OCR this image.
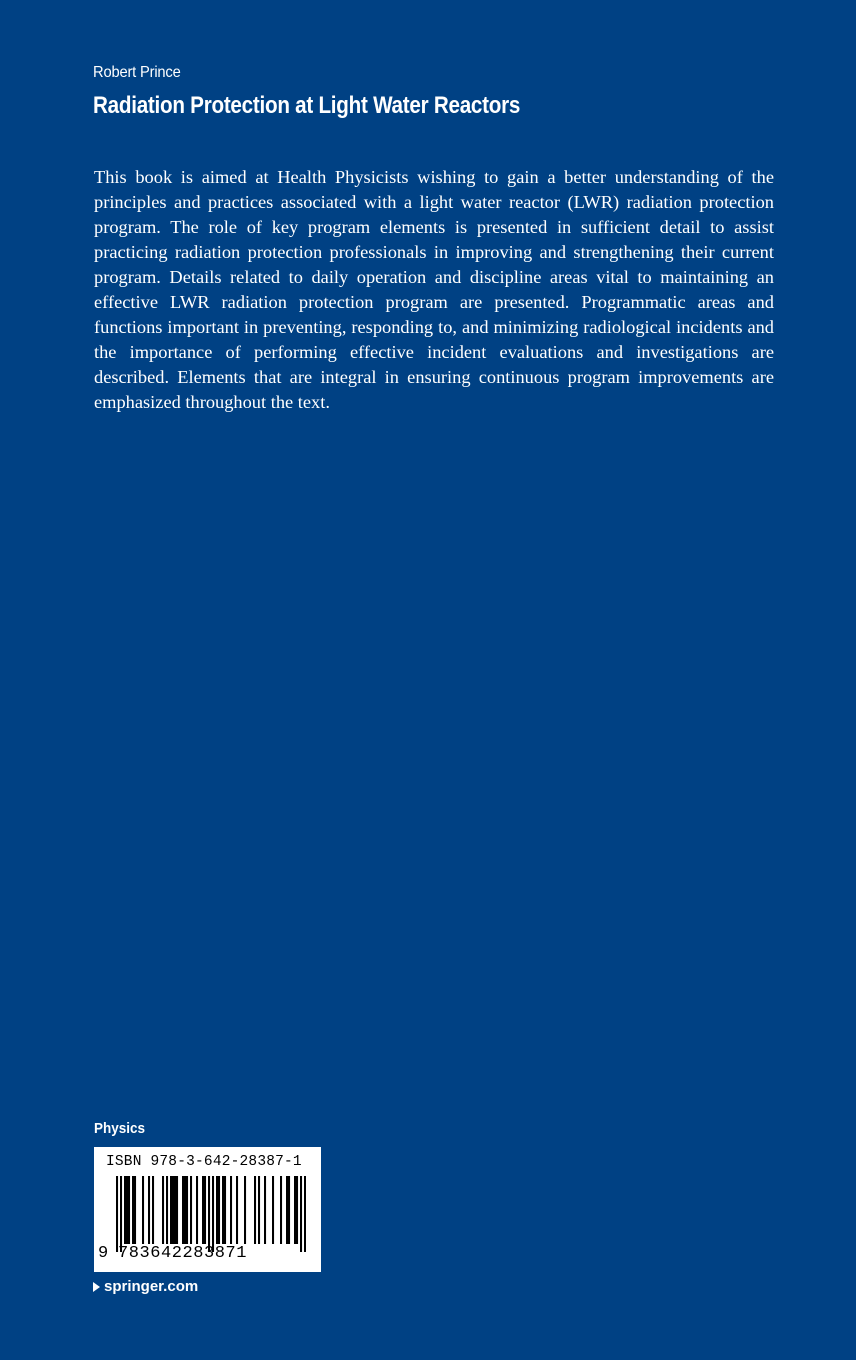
Robert Prince
Radiation Protection at Light Water Reactors

This book is aimed at Health Physicists wishing to gain a better understanding of the principles and practices associated with a light water reactor (LWR) radiation protection program. The role of key program elements is presented in sufficient detail to assist practicing radiation protection professionals in improving and strengthening their current program. Details related to daily operation and discipline areas vital to maintaining an effective LWR radiation protection program are presented. Programmatic areas and functions important in preventing, responding to, and minimizing radiological incidents and the importance of performing effective incident evaluations and investigations are described. Elements that are integral in ensuring continuous program improvements are emphasized throughout the text.

Physics
ISBN 978-3-642-28387-1
9 783642283871
springer.com
